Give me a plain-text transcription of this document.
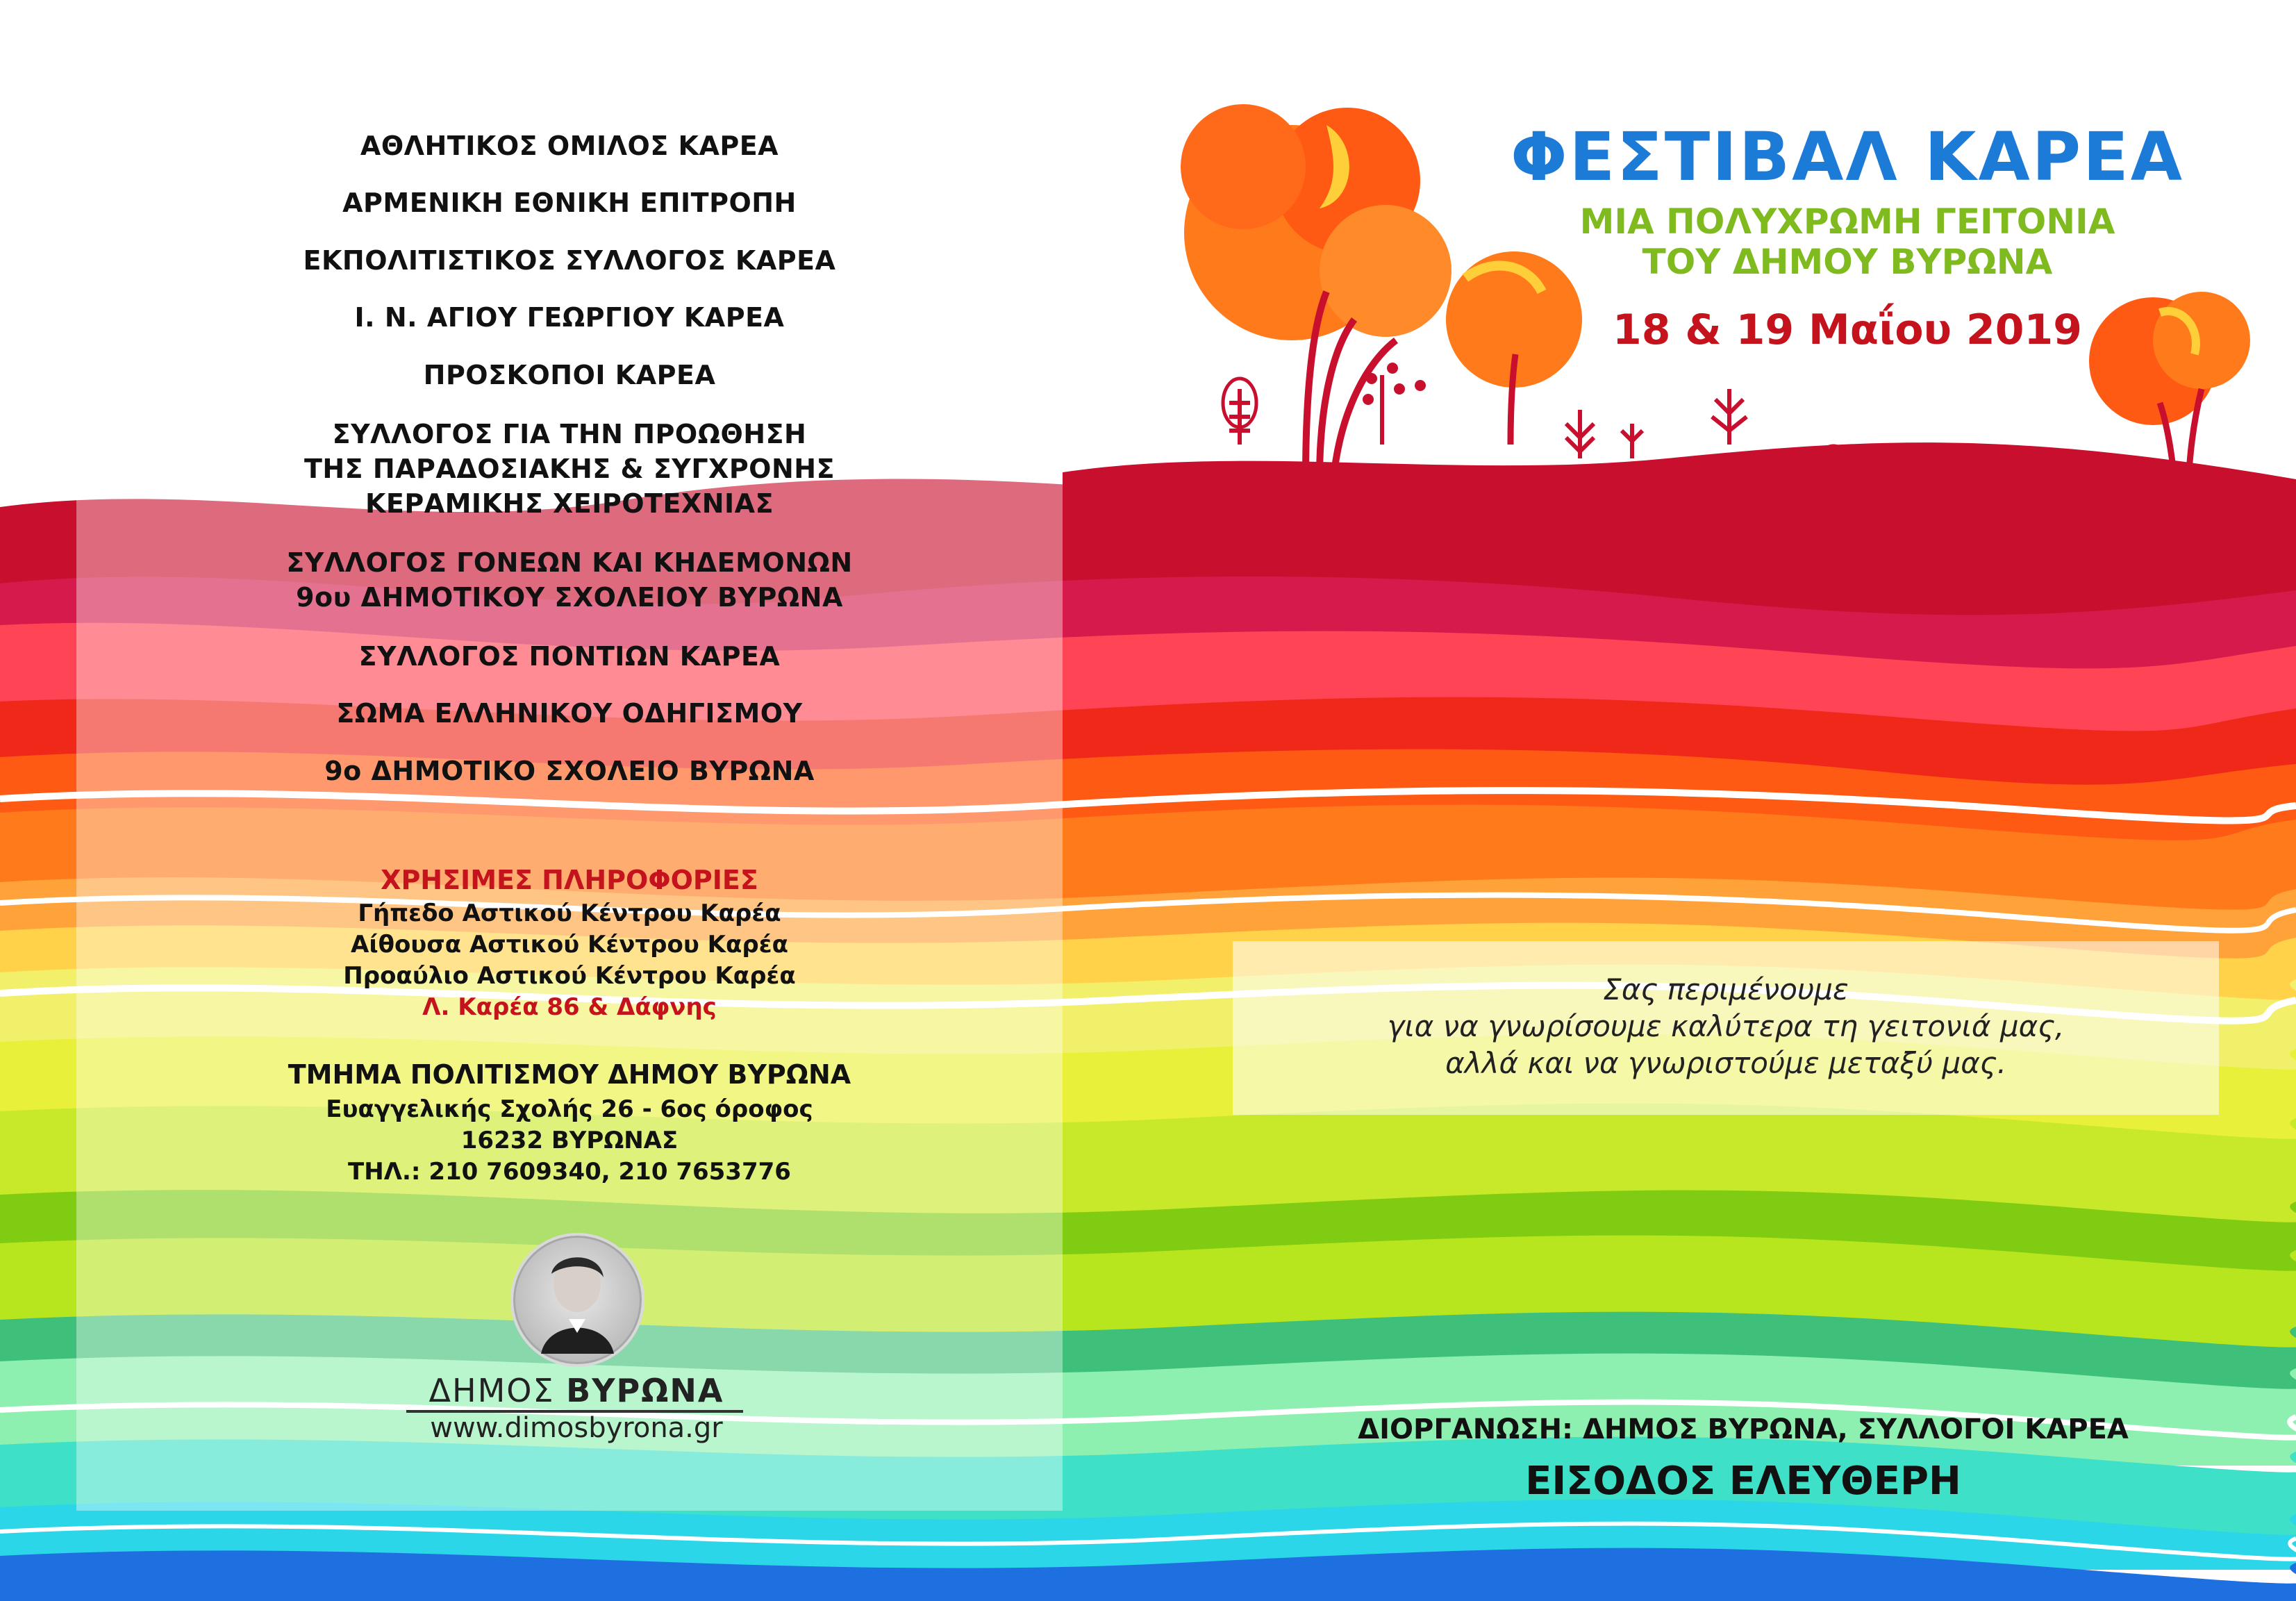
ΑΘΛΗΤΙΚΟΣ ΟΜΙΛΟΣ ΚΑΡΕΑ
ΑΡΜΕΝΙΚΗ ΕΘΝΙΚΗ ΕΠΙΤΡΟΠΗ
ΕΚΠΟΛΙΤΙΣΤΙΚΟΣ ΣΥΛΛΟΓΟΣ ΚΑΡΕΑ
Ι. Ν. ΑΓΙΟΥ ΓΕΩΡΓΙΟΥ ΚΑΡΕΑ
ΠΡΟΣΚΟΠΟΙ ΚΑΡΕΑ
ΣΥΛΛΟΓΟΣ ΓΙΑ ΤΗΝ ΠΡΟΩΘΗΣΗ
ΤΗΣ ΠΑΡΑΔΟΣΙΑΚΗΣ & ΣΥΓΧΡΟΝΗΣ
ΚΕΡΑΜΙΚΗΣ ΧΕΙΡΟΤΕΧΝΙΑΣ
ΣΥΛΛΟΓΟΣ ΓΟΝΕΩΝ ΚΑΙ ΚΗΔΕΜΟΝΩΝ
9ου ΔΗΜΟΤΙΚΟΥ ΣΧΟΛΕΙΟΥ ΒΥΡΩΝΑ
ΣΥΛΛΟΓΟΣ ΠΟΝΤΙΩΝ ΚΑΡΕΑ
ΣΩΜΑ ΕΛΛΗΝΙΚΟΥ ΟΔΗΓΙΣΜΟΥ
9ο ΔΗΜΟΤΙΚΟ ΣΧΟΛΕΙΟ ΒΥΡΩΝΑ
ΧΡΗΣΙΜΕΣ ΠΛΗΡΟΦΟΡΙΕΣ
Γήπεδο Αστικού Κέντρου Καρέα
Αίθουσα Αστικού Κέντρου Καρέα
Προαύλιο Αστικού Κέντρου Καρέα
Λ. Καρέα 86 & Δάφνης
ΤΜΗΜΑ ΠΟΛΙΤΙΣΜΟΥ ΔΗΜΟΥ ΒΥΡΩΝΑ
Ευαγγελικής Σχολής 26 - 6ος όροφος
16232 ΒΥΡΩΝΑΣ
ΤΗΛ.: 210 7609340, 210 7653776
ΔΗΜΟΣ ΒΥΡΩΝΑ
www.dimosbyrona.gr
ΦΕΣΤΙΒΑΛ ΚΑΡΕΑ
ΜΙΑ ΠΟΛΥΧΡΩΜΗ ΓΕΙΤΟΝΙΑ
ΤΟΥ ΔΗΜΟΥ ΒΥΡΩΝΑ
18 & 19 Μαΐου 2019
Σας περιμένουμε
για να γνωρίσουμε καλύτερα τη γειτονιά μας,
αλλά και να γνωριστούμε μεταξύ μας.
ΔΙΟΡΓΑΝΩΣΗ: ΔΗΜΟΣ ΒΥΡΩΝΑ, ΣΥΛΛΟΓΟΙ ΚΑΡΕΑ
ΕΙΣΟΔΟΣ ΕΛΕΥΘΕΡΗ
